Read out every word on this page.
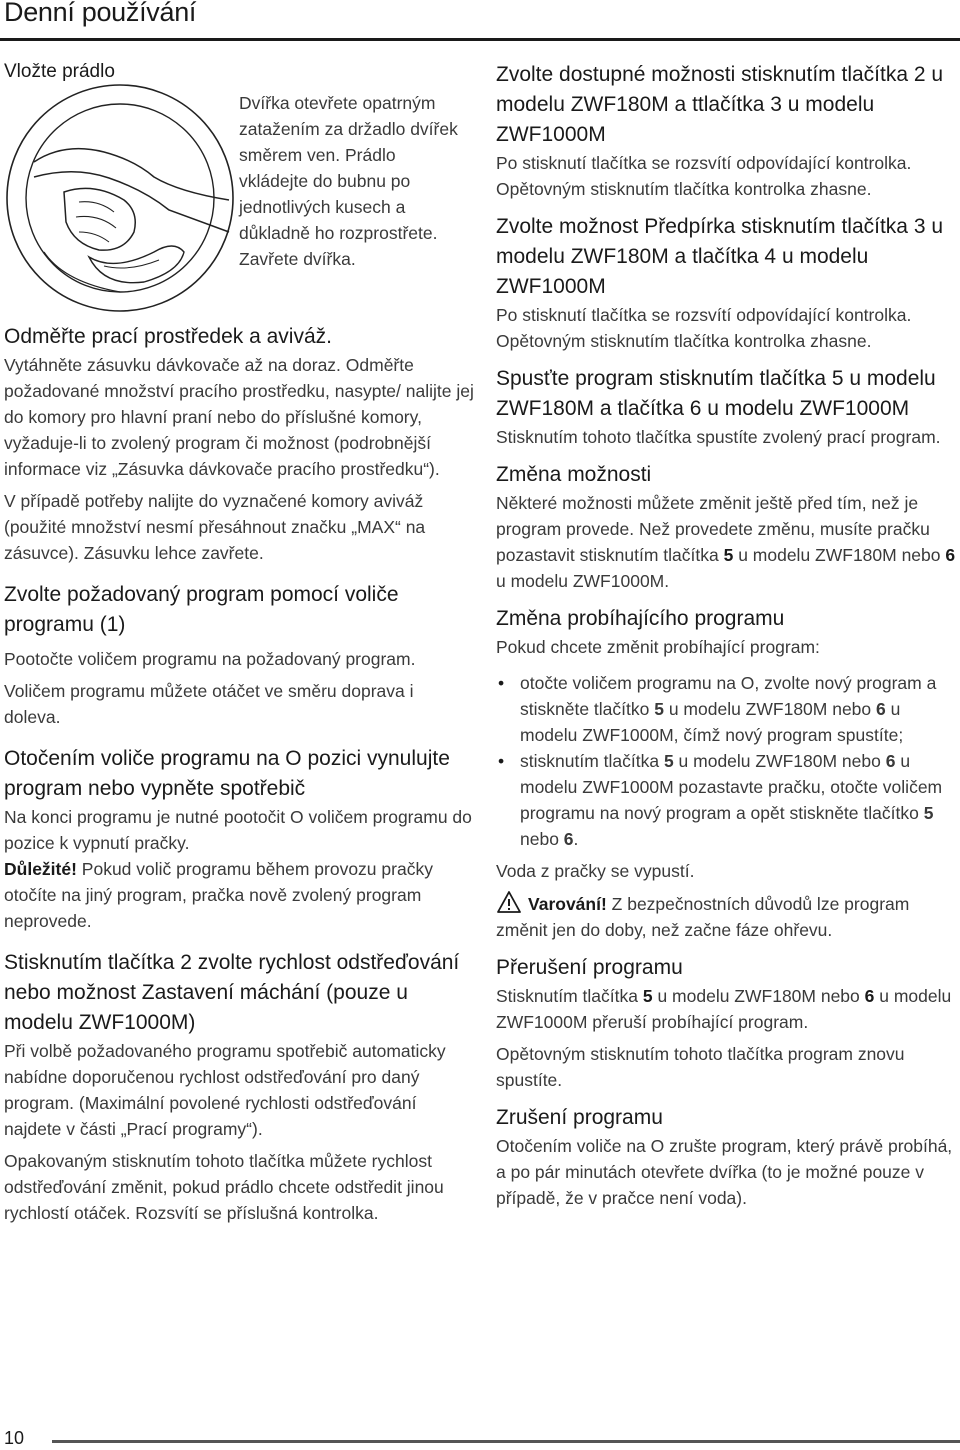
Denní používání
Vložte prádlo
Dvířka otevřete opatrným zatažením za držadlo dvířek směrem ven. Prádlo vkládejte do bubnu po jednotlivých kusech a důkladně ho rozprostřete. Zavřete dvířka.
Odměřte prací prostředek a aviváž.

Vytáhněte zásuvku dávkovače až na doraz. Odměřte požadované množství pracího prostředku, nasypte/ nalijte jej do komory pro hlavní praní nebo do příslušné komory, vyžaduje-li to zvolený program či možnost (podrobnější informace viz „Zásuvka dávkovače pracího prostředku“).

V případě potřeby nalijte do vyznačené komory aviváž (použité množství nesmí přesáhnout značku „MAX“ na zásuvce). Zásuvku lehce zavřete.

Zvolte požadovaný program pomocí voliče programu (1)

Pootočte voličem programu na požadovaný program.

Voličem programu můžete otáčet ve směru doprava i doleva.

Otočením voliče programu na O pozici vynulujte program nebo vypněte spotřebič

Na konci programu je nutné pootočit O voličem programu do pozice k vypnutí pračky.

Důležité! Pokud volič programu během provozu pračky otočíte na jiný program, pračka nově zvolený program neprovede.

Stisknutím tlačítka 2 zvolte rychlost odstřeďování nebo možnost Zastavení máchání (pouze u modelu ZWF1000M)

Při volbě požadovaného programu spotřebič automaticky nabídne doporučenou rychlost odstřeďování pro daný program. (Maximální povolené rychlosti odstřeďování najdete v části „Prací programy“).

Opakovaným stisknutím tohoto tlačítka můžete rychlost odstřeďování změnit, pokud prádlo chcete odstředit jinou rychlostí otáček. Rozsvítí se příslušná kontrolka.

Zvolte dostupné možnosti stisknutím tlačítka 2 u modelu ZWF180M a ttlačítka 3 u modelu ZWF1000M

Po stisknutí tlačítka se rozsvítí odpovídající kontrolka. Opětovným stisknutím tlačítka kontrolka zhasne.

Zvolte možnost Předpírka stisknutím tlačítka 3 u modelu ZWF180M a tlačítka 4 u modelu ZWF1000M

Po stisknutí tlačítka se rozsvítí odpovídající kontrolka. Opětovným stisknutím tlačítka kontrolka zhasne.

Spusťte program stisknutím tlačítka 5 u modelu ZWF180M a tlačítka 6 u modelu ZWF1000M

Stisknutím tohoto tlačítka spustíte zvolený prací program.

Změna možnosti

Některé možnosti můžete změnit ještě před tím, než je program provede. Než provedete změnu, musíte pračku pozastavit stisknutím tlačítka 5 u modelu ZWF180M nebo 6 u modelu ZWF1000M.

Změna probíhajícího programu

Pokud chcete změnit probíhající program:

• otočte voličem programu na O, zvolte nový program a stiskněte tlačítko 5 u modelu ZWF180M nebo 6 u modelu ZWF1000M, čímž nový program spustíte;
• stisknutím tlačítka 5 u modelu ZWF180M nebo 6 u modelu ZWF1000M pozastavte pračku, otočte voličem programu na nový program a opět stiskněte tlačítko 5 nebo 6.

Voda z pračky se vypustí.

Varování! Z bezpečnostních důvodů lze program změnit jen do doby, než začne fáze ohřevu.

Přerušení programu

Stisknutím tlačítka 5 u modelu ZWF180M nebo 6 u modelu ZWF1000M přeruší probíhající program.

Opětovným stisknutím tohoto tlačítka program znovu spustíte.

Zrušení programu

Otočením voliče na O zrušte program, který právě probíhá, a po pár minutách otevřete dvířka (to je možné pouze v případě, že v pračce není voda).

10
